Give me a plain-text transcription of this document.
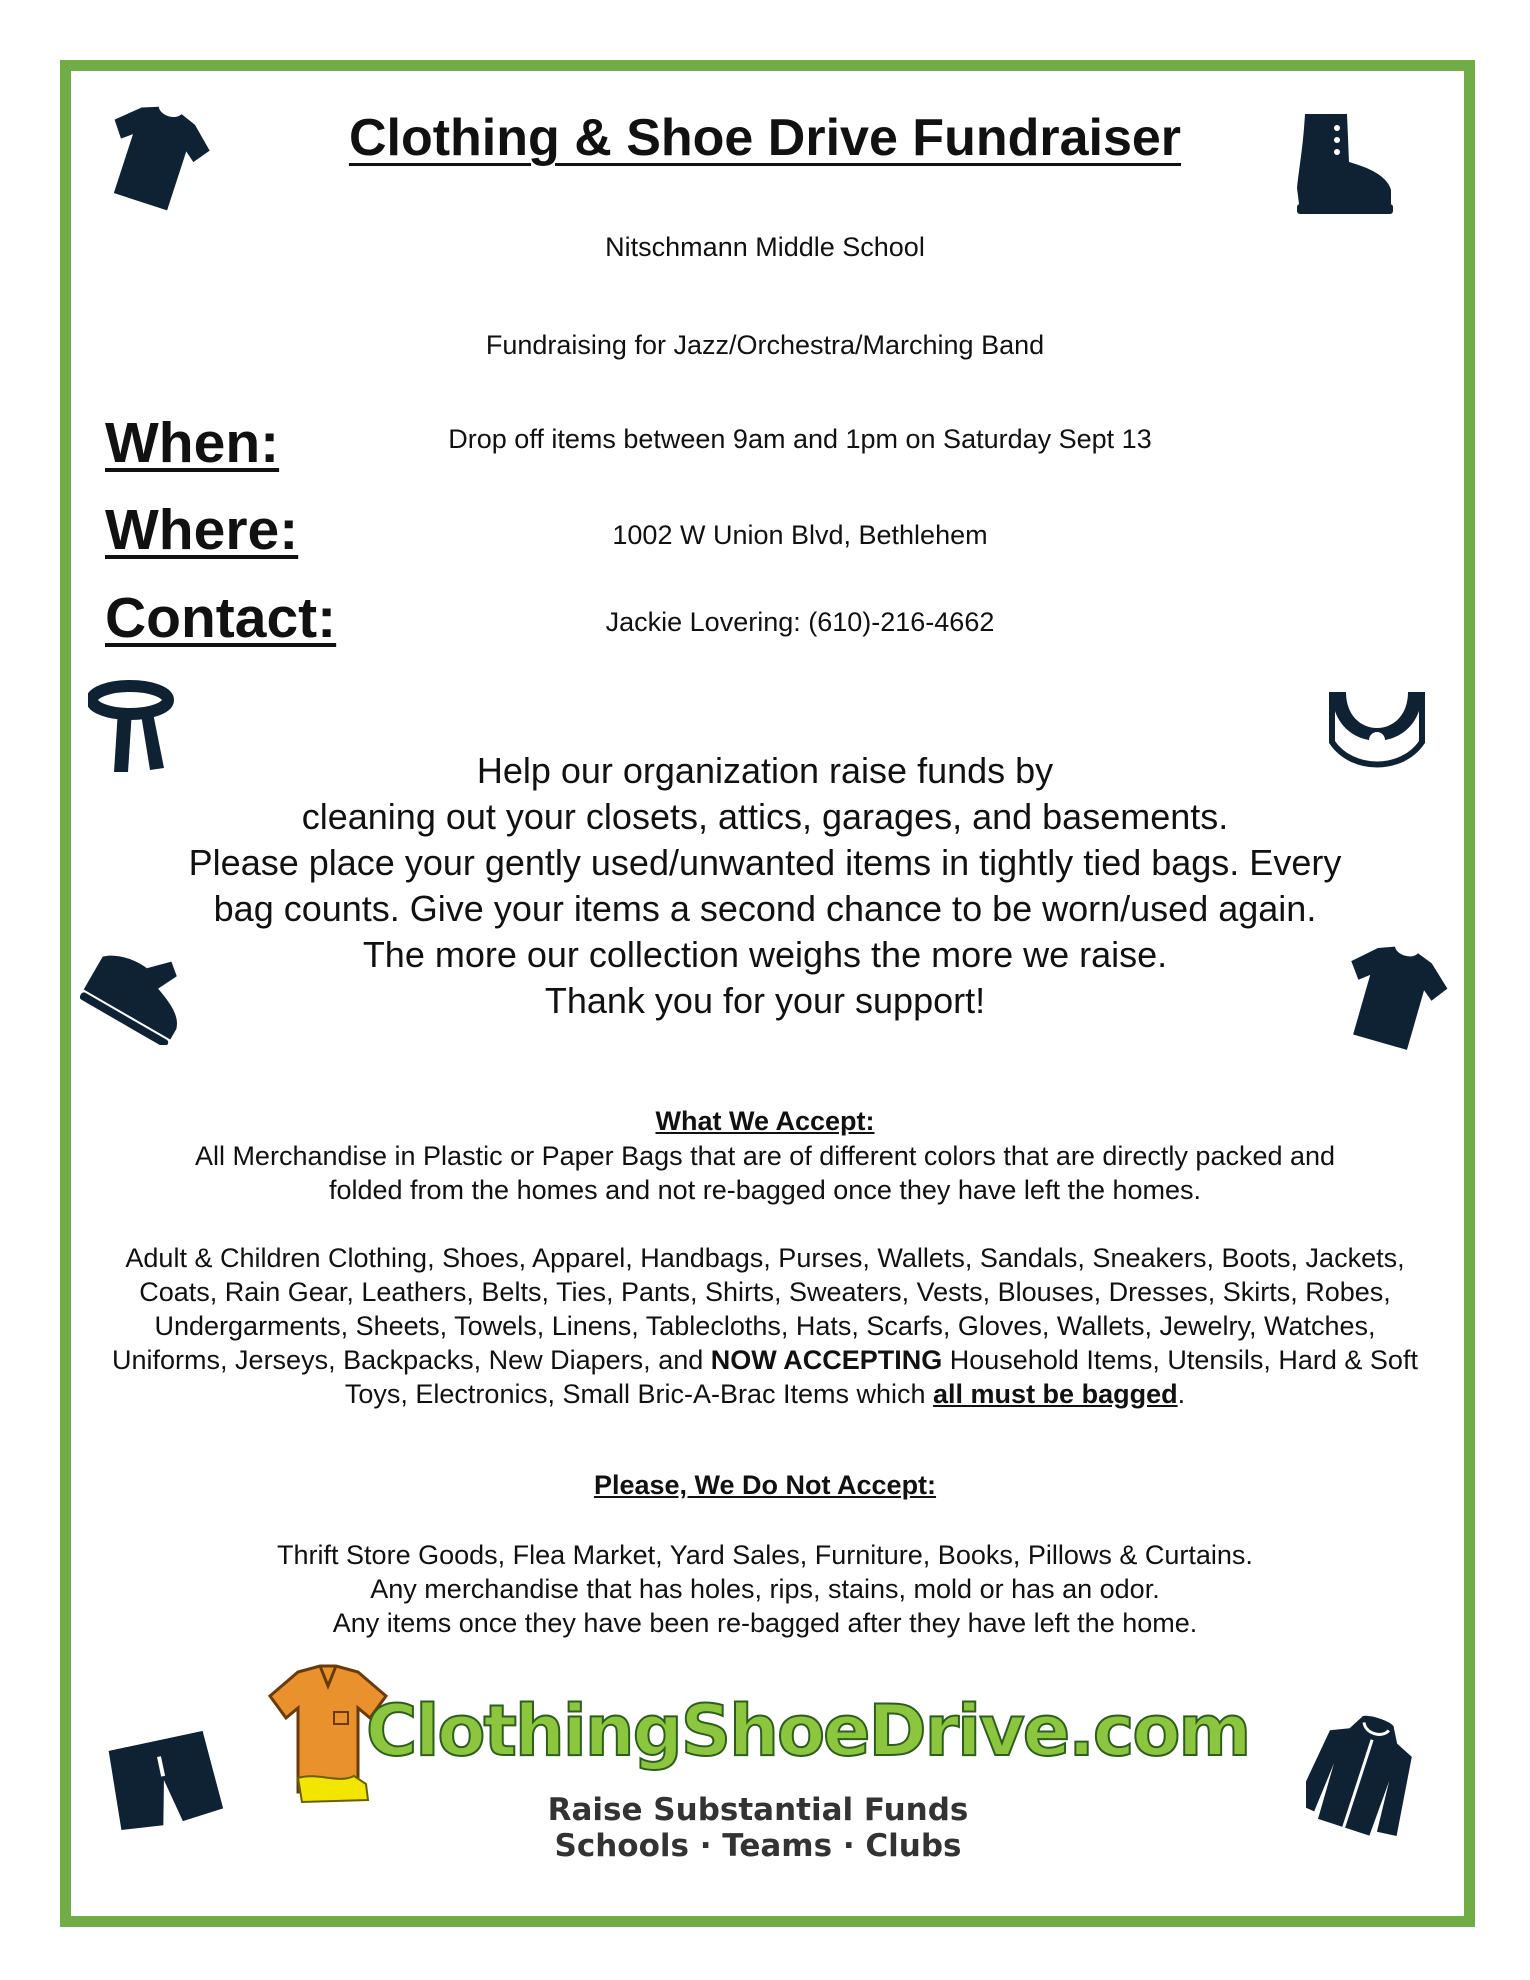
Clothing & Shoe Drive Fundraiser
Nitschmann Middle School
Fundraising for Jazz/Orchestra/Marching Band
When:	Drop off items between 9am and 1pm on Saturday Sept 13
Where:	1002 W Union Blvd, Bethlehem
Contact:	Jackie Lovering: (610)-216-4662
Help our organization raise funds by
cleaning out your closets, attics, garages, and basements.
Please place your gently used/unwanted items in tightly tied bags. Every
bag counts. Give your items a second chance to be worn/used again.
The more our collection weighs the more we raise.
Thank you for your support!
What We Accept:
All Merchandise in Plastic or Paper Bags that are of different colors that are directly packed and
folded from the homes and not re-bagged once they have left the homes.
Adult & Children Clothing, Shoes, Apparel, Handbags, Purses, Wallets, Sandals, Sneakers, Boots, Jackets, Coats, Rain Gear, Leathers, Belts, Ties, Pants, Shirts, Sweaters, Vests, Blouses, Dresses, Skirts, Robes, Undergarments, Sheets, Towels, Linens, Tablecloths, Hats, Scarfs, Gloves, Wallets, Jewelry, Watches, Uniforms, Jerseys, Backpacks, New Diapers, and NOW ACCEPTING Household Items, Utensils, Hard & Soft Toys, Electronics, Small Bric-A-Brac Items which all must be bagged.
Please, We Do Not Accept:
Thrift Store Goods, Flea Market, Yard Sales, Furniture, Books, Pillows & Curtains.
Any merchandise that has holes, rips, stains, mold or has an odor.
Any items once they have been re-bagged after they have left the home.
ClothingShoeDrive.com
Raise Substantial Funds
Schools · Teams · Clubs
